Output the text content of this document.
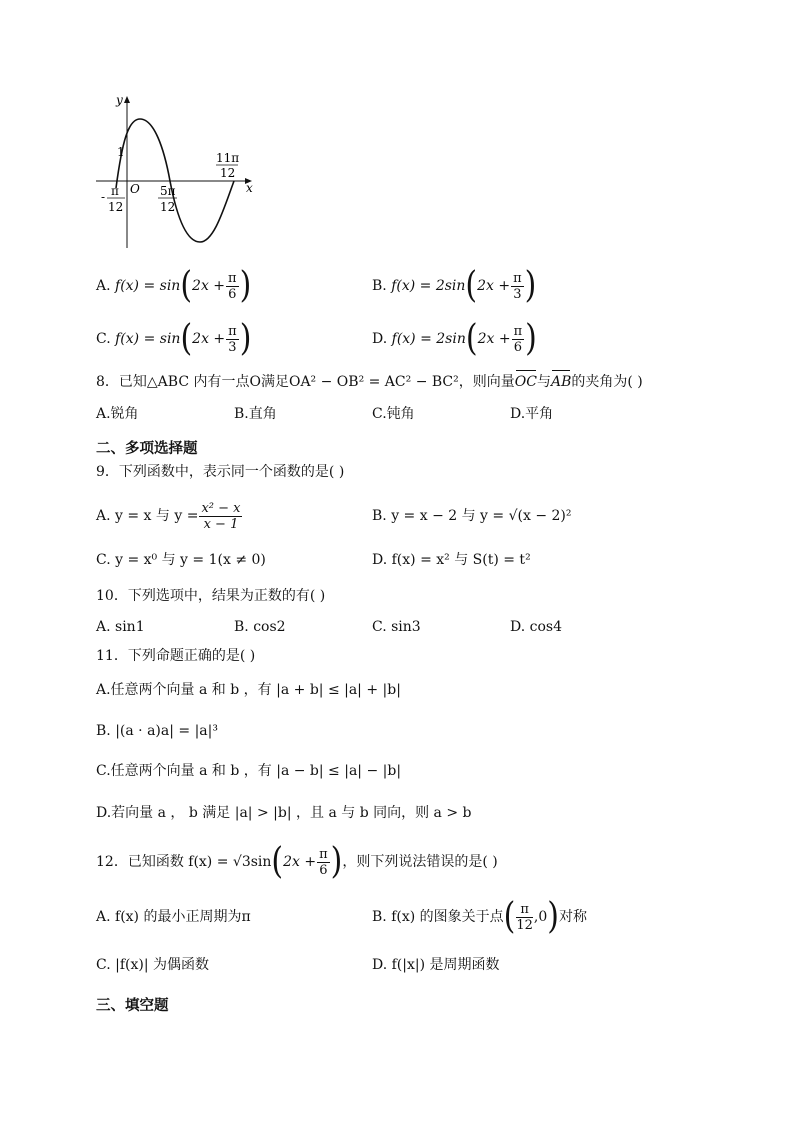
y
x
1
O
- π
12
5π
12
11π
12
A. $f(x) = \sin(2x + \frac{\pi}{6}$ )	B. $f(x) = 2\sin(2x + \frac{\pi}{3}$ )
C. $f(x) = \sin(2x + \frac{\pi}{3}$ )	D. $f(x) = 2\sin(2x + \frac{\pi}{6}$ )
8．已知△ABC 内有一点O满足OA² − OB² = AC² − BC²，则向量OC与AB的夹角为( )
A.锐角	B.直角	C.钝角	D.平角
二、多项选择题
9．下列函数中，表示同一个函数的是( )
A. y = x 与 $y = \frac{\text{x² − x}}{x - 1}$	B. y = x − 2 与 y = √(x − 2)²
C. y = x⁰ 与 y = 1(x ≠ 0)	D. f(x) = x² 与 S(t) = t²
10．下列选项中，结果为正数的有( )
A. sin1	B. cos2	C. sin3	D. cos4
11．下列命题正确的是( )
A.任意两个向量 a 和 b ，有 |a + b| ≤ |a| + |b|
B. |(a · a)a| = |a|³
C.任意两个向量 a 和 b ，有 |a − b| ≤ |a| − |b|
D.若向量 a ， b 满足 |a| > |b| ，且 a 与 b 同向，则 a > b
12．已知函数 $f(x) = √3\sin(2x + \frac{\pi}{6}$ )，则下列说法错误的是( )
A. f(x) 的最小正周期为π	B. f(x) 的图象关于点( $\frac{\pi}{12} ,0$)对称
C. |f(x)| 为偶函数	D. f(|x|) 是周期函数
三、填空题
